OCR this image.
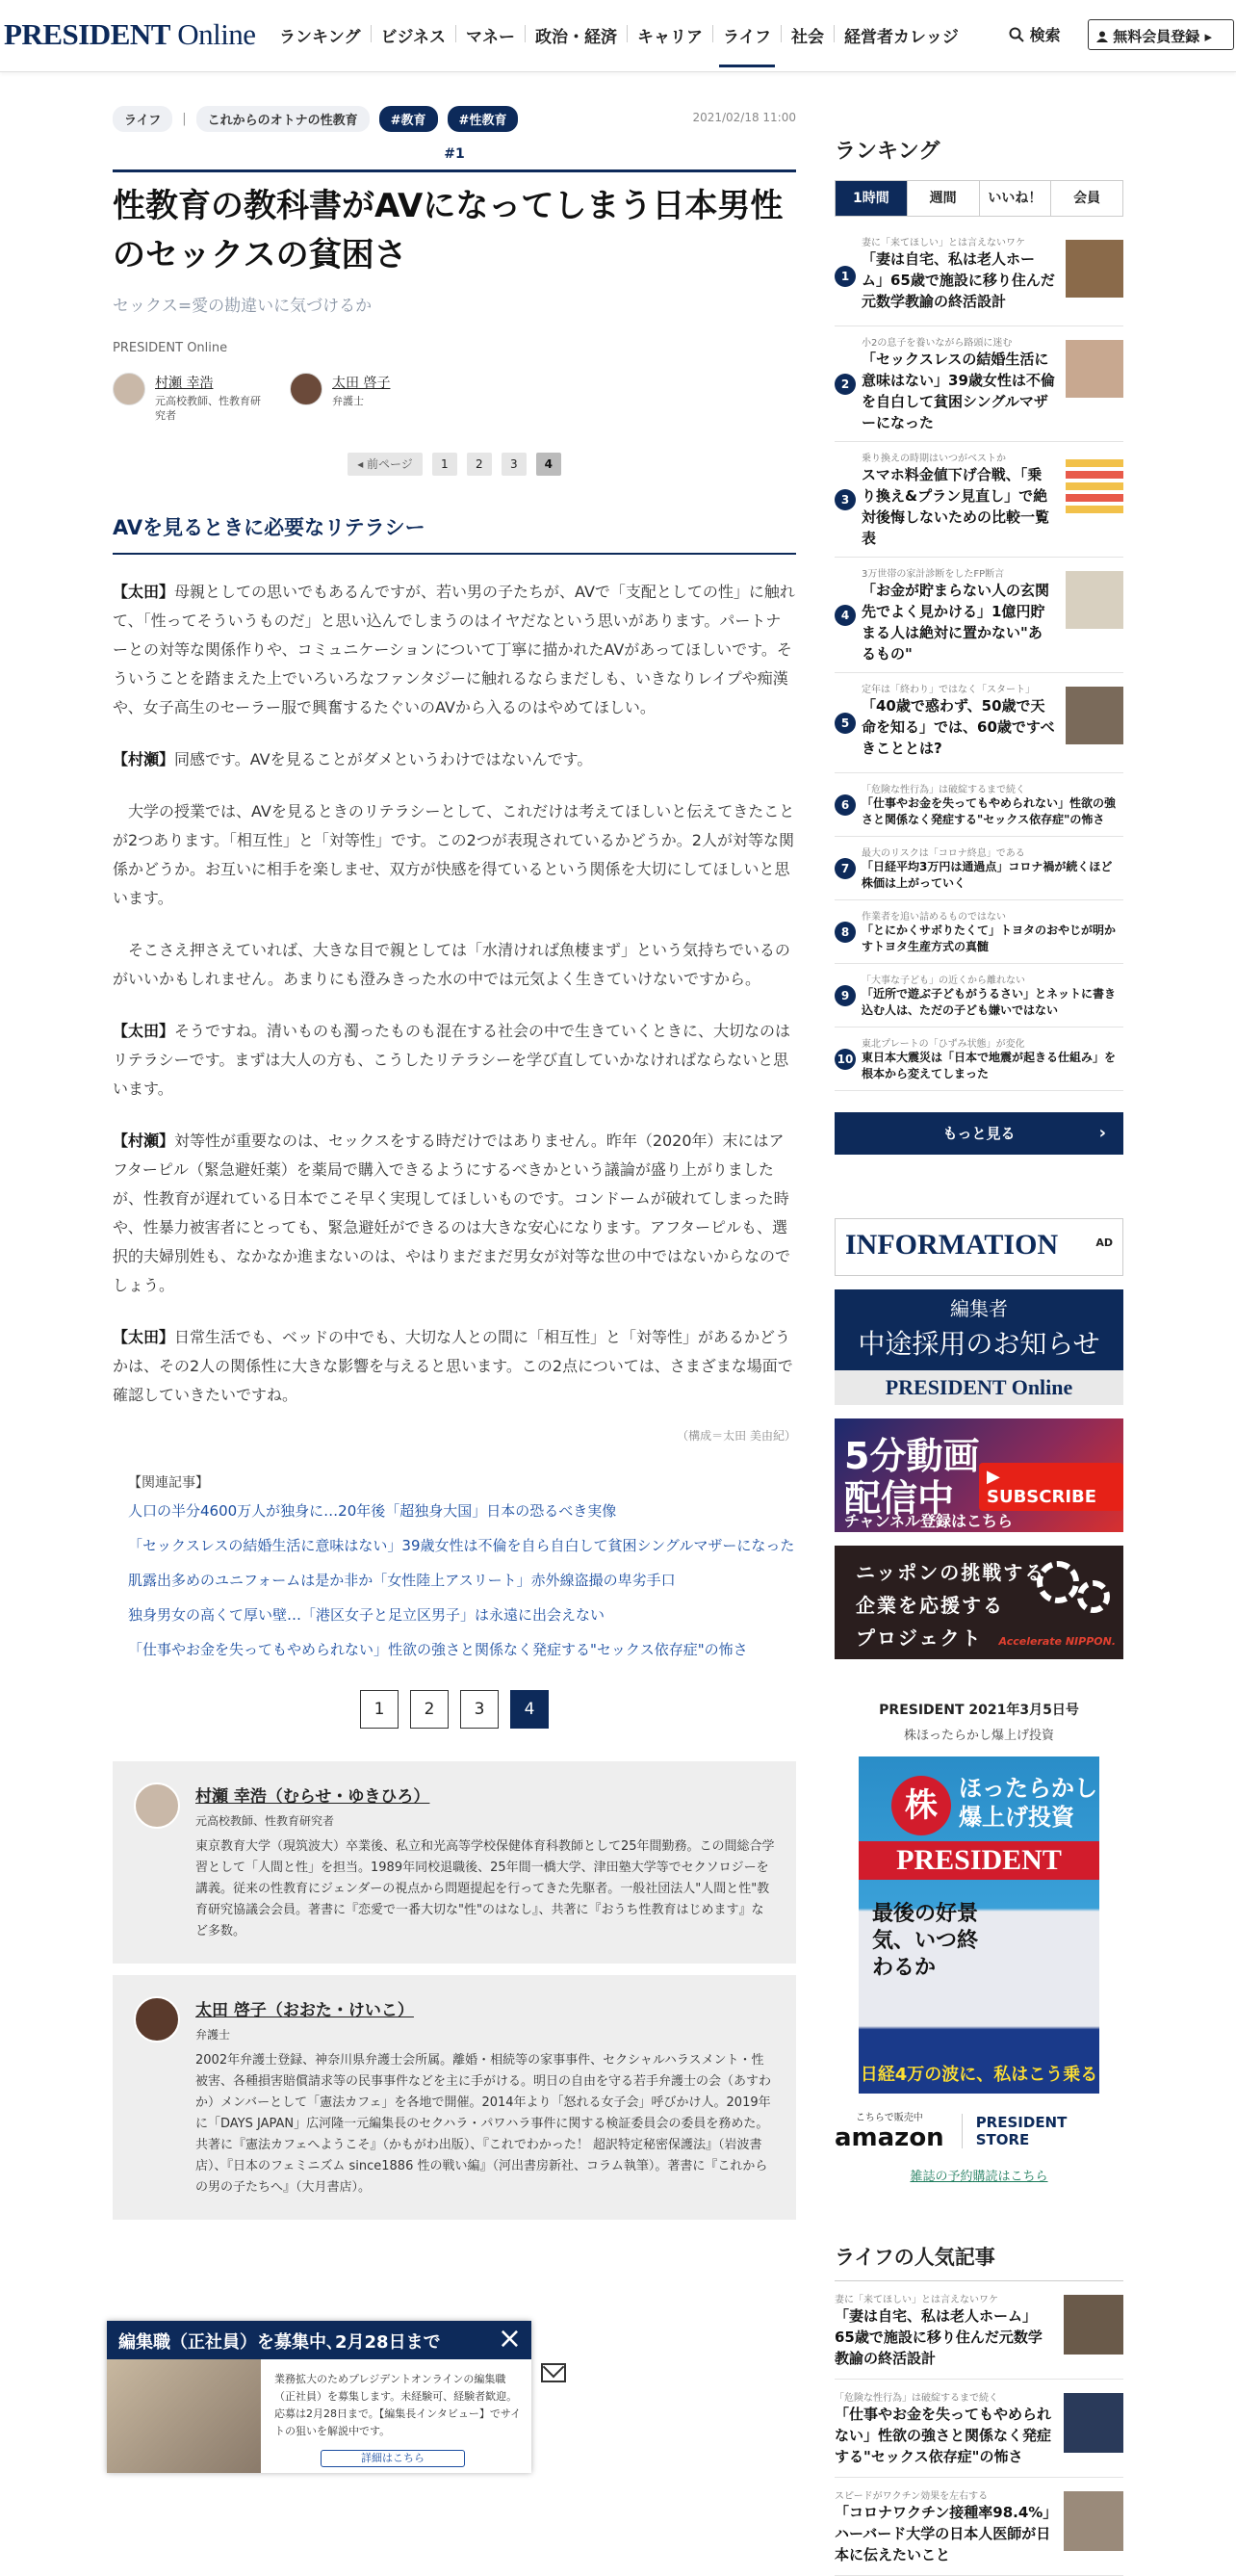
PRESIDENT Online	ランキング	ビジネス	マネー	政治・経済	キャリア	ライフ	社会	経営者カレッジ	検索	無料会員登録 ▸
ライフ	|	これからのオトナの性教育	#教育	#性教育	2021/02/18 11:00
#1
性教育の教科書がAVになってしまう日本男性のセックスの貧困さ
セックス=愛の勘違いに気づけるか
PRESIDENT Online
村瀬 幸浩
元高校教師、性教育研究者
太田 啓子
弁護士
◂ 前ページ	1	2	3	4
AVを見るときに必要なリテラシー

【太田】母親としての思いでもあるんですが、若い男の子たちが、AVで「支配としての性」に触れて、「性ってそういうものだ」と思い込んでしまうのはイヤだなという思いがあります。パートナーとの対等な関係作りや、コミュニケーションについて丁寧に描かれたAVがあってほしいです。そういうことを踏まえた上でいろいろなファンタジーに触れるならまだしも、いきなりレイプや痴漢や、女子高生のセーラー服で興奮するたぐいのAVから入るのはやめてほしい。

【村瀬】同感です。AVを見ることがダメというわけではないんです。

　大学の授業では、AVを見るときのリテラシーとして、これだけは考えてほしいと伝えてきたことが2つあります。「相互性」と「対等性」です。この2つが表現されているかどうか。2人が対等な関係かどうか。お互いに相手を楽しませ、双方が快感を得ているという関係を大切にしてほしいと思います。

　そこさえ押さえていれば、大きな目で親としては「水清ければ魚棲まず」という気持ちでいるのがいいかもしれません。あまりにも澄みきった水の中では元気よく生きていけないですから。

【太田】そうですね。清いものも濁ったものも混在する社会の中で生きていくときに、大切なのはリテラシーです。まずは大人の方も、こうしたリテラシーを学び直していかなければならないと思います。

【村瀬】対等性が重要なのは、セックスをする時だけではありません。昨年（2020年）末にはアフターピル（緊急避妊薬）を薬局で購入できるようにするべきかという議論が盛り上がりましたが、性教育が遅れている日本でこそ早く実現してほしいものです。コンドームが破れてしまった時や、性暴力被害者にとっても、緊急避妊ができるのは大きな安心になります。アフターピルも、選択的夫婦別姓も、なかなか進まないのは、やはりまだまだ男女が対等な世の中ではないからなのでしょう。

【太田】日常生活でも、ベッドの中でも、大切な人との間に「相互性」と「対等性」があるかどうかは、その2人の関係性に大きな影響を与えると思います。この2点については、さまざまな場面で確認していきたいですね。

（構成＝太田 美由紀）
【関連記事】
人口の半分4600万人が独身に…20年後「超独身大国」日本の恐るべき実像
「セックスレスの結婚生活に意味はない」39歳女性は不倫を自ら自白して貧困シングルマザーになった
肌露出多めのユニフォームは是か非か「女性陸上アスリート」赤外線盗撮の卑劣手口
独身男女の高くて厚い壁…「港区女子と足立区男子」は永遠に出会えない
「仕事やお金を失ってもやめられない」性欲の強さと関係なく発症する"セックス依存症"の怖さ
1	2	3	4
村瀬 幸浩（むらせ・ゆきひろ）
元高校教師、性教育研究者
東京教育大学（現筑波大）卒業後、私立和光高等学校保健体育科教師として25年間勤務。この間総合学習として「人間と性」を担当。1989年同校退職後、25年間一橋大学、津田塾大学等でセクソロジーを講義。従来の性教育にジェンダーの視点から問題提起を行ってきた先駆者。一般社団法人"人間と性"教育研究協議会会員。著書に『恋愛で一番大切な"性"のはなし』、共著に『おうち性教育はじめます』など多数。
太田 啓子（おおた・けいこ）
弁護士
2002年弁護士登録、神奈川県弁護士会所属。離婚・相続等の家事事件、セクシャルハラスメント・性被害、各種損害賠償請求等の民事事件などを主に手がける。明日の自由を守る若手弁護士の会（あすわか）メンバーとして「憲法カフェ」を各地で開催。2014年より「怒れる女子会」呼びかけ人。2019年に「DAYS JAPAN」広河隆一元編集長のセクハラ・パワハラ事件に関する検証委員会の委員を務めた。共著に『憲法カフェへようこそ』（かもがわ出版）、『これでわかった！ 超訳特定秘密保護法』（岩波書店）、『日本のフェミニズム since1886 性の戦い編』（河出書房新社、コラム執筆）。著書に『これからの男の子たちへ』（大月書店）。
ランキング
1時間	週間	いいね！	会員
1
妻に「来てほしい」とは言えないワケ
「妻は自宅、私は老人ホーム」65歳で施設に移り住んだ元数学教諭の終活設計
2
小2の息子を養いながら路頭に迷む
「セックスレスの結婚生活に意味はない」39歳女性は不倫を自白して貧困シングルマザーになった
3
乗り換えの時期はいつがベストか
スマホ料金値下げ合戦、「乗り換え&プラン見直し」で絶対後悔しないための比較一覧表
4
3万世帯の家計診断をしたFP断言
「お金が貯まらない人の玄関先でよく見かける」1億円貯まる人は絶対に置かない"あるもの"
5
定年は「終わり」ではなく「スタート」
「40歳で惑わず、50歳で天命を知る」では、60歳ですべきこととは?
6
「危険な性行為」は破綻するまで続く
「仕事やお金を失ってもやめられない」性欲の強さと関係なく発症する"セックス依存症"の怖さ
7
最大のリスクは「コロナ終息」である
「日経平均3万円は通過点」コロナ禍が続くほど株価は上がっていく
8
作業者を追い詰めるものではない
「とにかくサボりたくて」トヨタのおやじが明かすトヨタ生産方式の真髄
9
「大事な子ども」の近くから離れない
「近所で遊ぶ子どもがうるさい」とネットに書き込む人は、ただの子ども嫌いではない
10
東北プレートの「ひずみ状態」が変化
東日本大震災は「日本で地震が起きる仕組み」を根本から変えてしまった
もっと見る	›
INFORMATION	AD
編集者
中途採用のお知らせ
PRESIDENT Online
5分動画
配信中
チャンネル登録はこちら
▶ SUBSCRIBE
ニッポンの挑戦する
企業を応援する
プロジェクト Accelerate NIPPON.
PRESIDENT 2021年3月5日号
株ほったらかし爆上げ投資
株 ほったらかし爆上げ投資
PRESIDENT
最後の好景気、いつ終わるか
日経4万の波に、私はこう乗る
こちらで販売中
amazon
PRESIDENT STORE
雑誌の予約購読はこちら
ライフの人気記事
妻に「来てほしい」とは言えないワケ
「妻は自宅、私は老人ホーム」65歳で施設に移り住んだ元数学教諭の終活設計
「危険な性行為」は破綻するまで続く
「仕事やお金を失ってもやめられない」性欲の強さと関係なく発症する"セックス依存症"の怖さ
スピードがワクチン効果を左右する
「コロナワクチン接種率98.4%」ハーバード大学の日本人医師が日本に伝えたいこと
編集職（正社員）を募集中､2月28日まで ×
業務拡大のためプレジデントオンラインの編集職（正社員）を募集します。未経験可、経験者歓迎。応募は2月28日まで。【編集長インタビュー】でサイトの狙いを解説中です。
詳細はこちら
